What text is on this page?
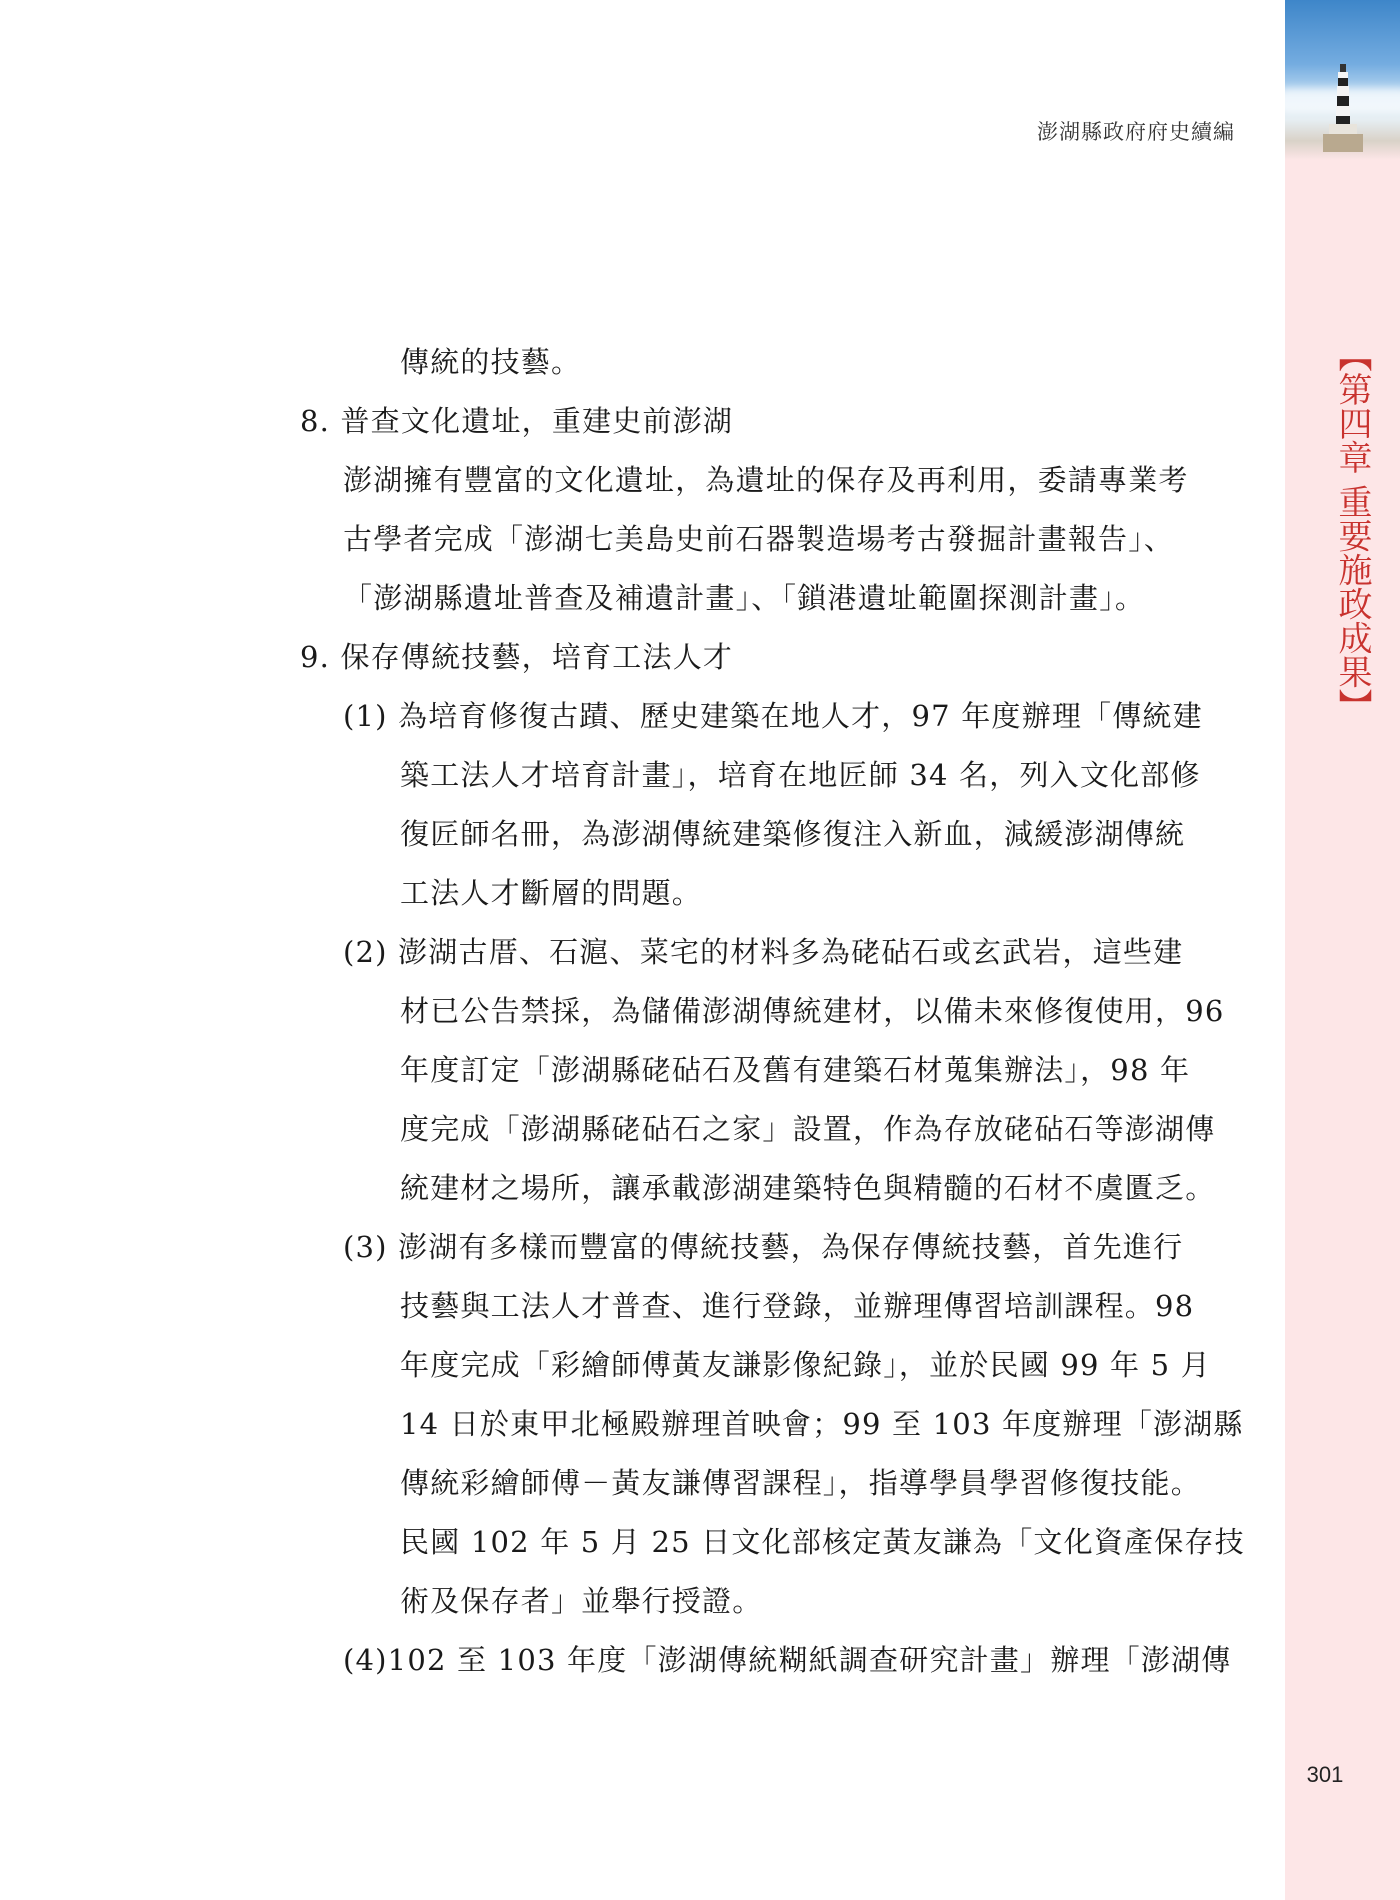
【第四章 重要施政成果】
澎湖縣政府府史續編
傳統的技藝。
8. 普查文化遺址，重建史前澎湖
澎湖擁有豐富的文化遺址，為遺址的保存及再利用，委請專業考
古學者完成「澎湖七美島史前石器製造場考古發掘計畫報告」、
「澎湖縣遺址普查及補遺計畫」、「鎖港遺址範圍探測計畫」。
9. 保存傳統技藝，培育工法人才
(1) 為培育修復古蹟、歷史建築在地人才，97 年度辦理「傳統建
築工法人才培育計畫」，培育在地匠師 34 名，列入文化部修
復匠師名冊，為澎湖傳統建築修復注入新血，減緩澎湖傳統
工法人才斷層的問題。
(2) 澎湖古厝、石滬、菜宅的材料多為硓砧石或玄武岩，這些建
材已公告禁採，為儲備澎湖傳統建材，以備未來修復使用，96
年度訂定「澎湖縣硓砧石及舊有建築石材蒐集辦法」，98 年
度完成「澎湖縣硓砧石之家」設置，作為存放硓砧石等澎湖傳
統建材之場所，讓承載澎湖建築特色與精髓的石材不虞匱乏。
(3) 澎湖有多樣而豐富的傳統技藝，為保存傳統技藝，首先進行
技藝與工法人才普查、進行登錄，並辦理傳習培訓課程。98
年度完成「彩繪師傅黃友謙影像紀錄」，並於民國 99 年 5 月
14 日於東甲北極殿辦理首映會；99 至 103 年度辦理「澎湖縣
傳統彩繪師傅－黃友謙傳習課程」，指導學員學習修復技能。
民國 102 年 5 月 25 日文化部核定黃友謙為「文化資產保存技
術及保存者」並舉行授證。
(4)102 至 103 年度「澎湖傳統糊紙調查研究計畫」辦理「澎湖傳
301
